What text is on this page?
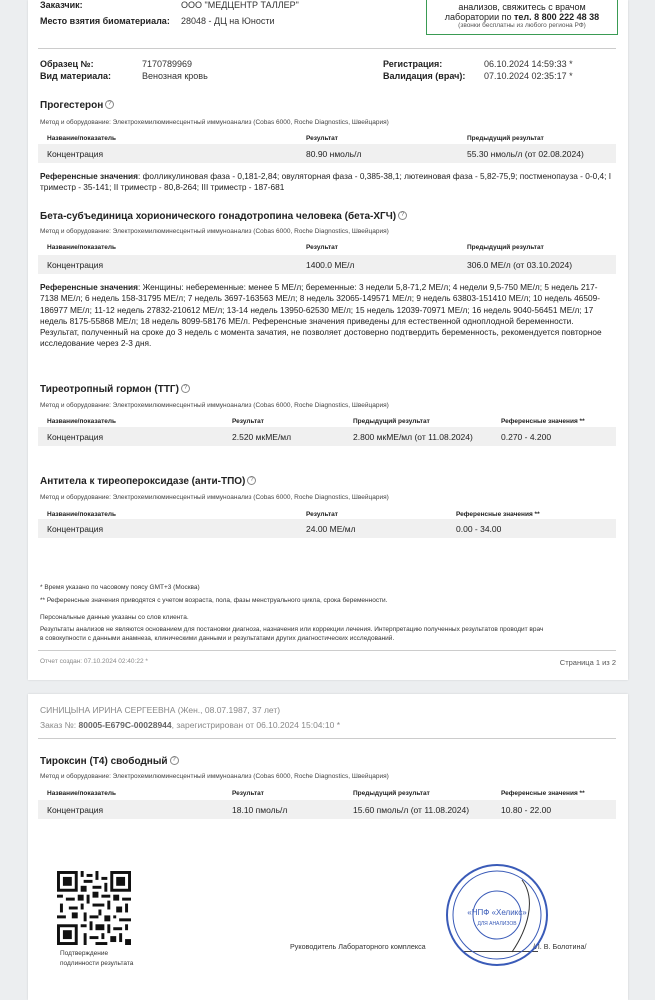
Заказчик:	ООО "МЕДЦЕНТР ТАЛЛЕР"
Место взятия биоматериала: 28048 - ДЦ на Юности
анализов, свяжитесь с врачом
лаборатории по тел. 8 800 222 48 38
(звонки бесплатны из любого региона РФ)
Образец №:	7170789969
Вид материала:	Венозная кровь
Регистрация:	06.10.2024 14:59:33 *
Валидация (врач): 07.10.2024 02:35:17 *
Прогестерон ?
Метод и оборудование: Электрохемилюминесцентный иммуноанализ (Cobas 6000, Roche Diagnostics, Швейцария)
Название/показатель	Результат	Предыдущий результат
Концентрация	80.90 нмоль/л	55.30 нмоль/л (от 02.08.2024)
Референсные значения: фолликулиновая фаза - 0,181-2,84; овуляторная фаза - 0,385-38,1; лютеиновая фаза - 5,82-75,9; постменопауза - 0-0,4; I триместр - 35-141; II триместр - 80,8-264; III триместр - 187-681
Бета-субъединица хорионического гонадотропина человека (бета-ХГЧ) ?
Метод и оборудование: Электрохемилюминесцентный иммуноанализ (Cobas 6000, Roche Diagnostics, Швейцария)
Название/показатель	Результат	Предыдущий результат
Концентрация	1400.0 МЕ/л	306.0 МЕ/л (от 03.10.2024)
Референсные значения: Женщины: небеременные: менее 5 МЕ/л; беременные: 3 недели 5,8-71,2 МЕ/л; 4 недели 9,5-750 МЕ/л; 5 недель 217-7138 МЕ/л; 6 недель 158-31795 МЕ/л; 7 недель 3697-163563 МЕ/л; 8 недель 32065-149571 МЕ/л; 9 недель 63803-151410 МЕ/л; 10 недель 46509-186977 МЕ/л; 11-12 недель 27832-210612 МЕ/л; 13-14 недель 13950-62530 МЕ/л; 15 недель 12039-70971 МЕ/л; 16 недель 9040-56451 МЕ/л; 17 недель 8175-55868 МЕ/л; 18 недель 8099-58176 МЕ/л. Референсные значения приведены для естественной одноплодной беременности. Результат, полученный на сроке до 3 недель с момента зачатия, не позволяет достоверно подтвердить беременность, рекомендуется повторное исследование через 2-3 дня.
Тиреотропный гормон (ТТГ) ?
Метод и оборудование: Электрохемилюминесцентный иммуноанализ (Cobas 6000, Roche Diagnostics, Швейцария)
Название/показатель	Результат	Предыдущий результат	Референсные значения **
Концентрация	2.520 мкМЕ/мл	2.800 мкМЕ/мл (от 11.08.2024)	0.270 - 4.200
Антитела к тиреопероксидазе (анти-ТПО) ?
Метод и оборудование: Электрохемилюминесцентный иммуноанализ (Cobas 6000, Roche Diagnostics, Швейцария)
Название/показатель	Результат	Референсные значения **
Концентрация	24.00 МЕ/мл	0.00 - 34.00
* Время указано по часовому поясу GMT+3 (Москва)
** Референсные значения приводятся с учетом возраста, пола, фазы менструального цикла, срока беременности.
Персональные данные указаны со слов клиента.
Результаты анализов не являются основанием для постановки диагноза, назначения или коррекции лечения. Интерпретацию полученных результатов проводит врач
в совокупности с данными анамнеза, клиническими данными и результатами других диагностических исследований.
Отчет создан: 07.10.2024 02:40:22 *	Страница 1 из 2
СИНИЦЫНА ИРИНА СЕРГЕЕВНА (Жен., 08.07.1987, 37 лет)
Заказ №: 80005-E679C-00028944, зарегистрирован от 06.10.2024 15:04:10 *
Тироксин (Т4) свободный ?
Метод и оборудование: Электрохемилюминесцентный иммуноанализ (Cobas 6000, Roche Diagnostics, Швейцария)
Название/показатель	Результат	Предыдущий результат	Референсные значения **
Концентрация	18.10 пмоль/л	15.60 пмоль/л (от 11.08.2024)	10.80 - 22.00
Подтверждение
подлинности результата
Руководитель Лабораторного комплекса	/Л. В. Болотина/
«НПФ «Хеликс»
ДЛЯ АНАЛИЗОВ
